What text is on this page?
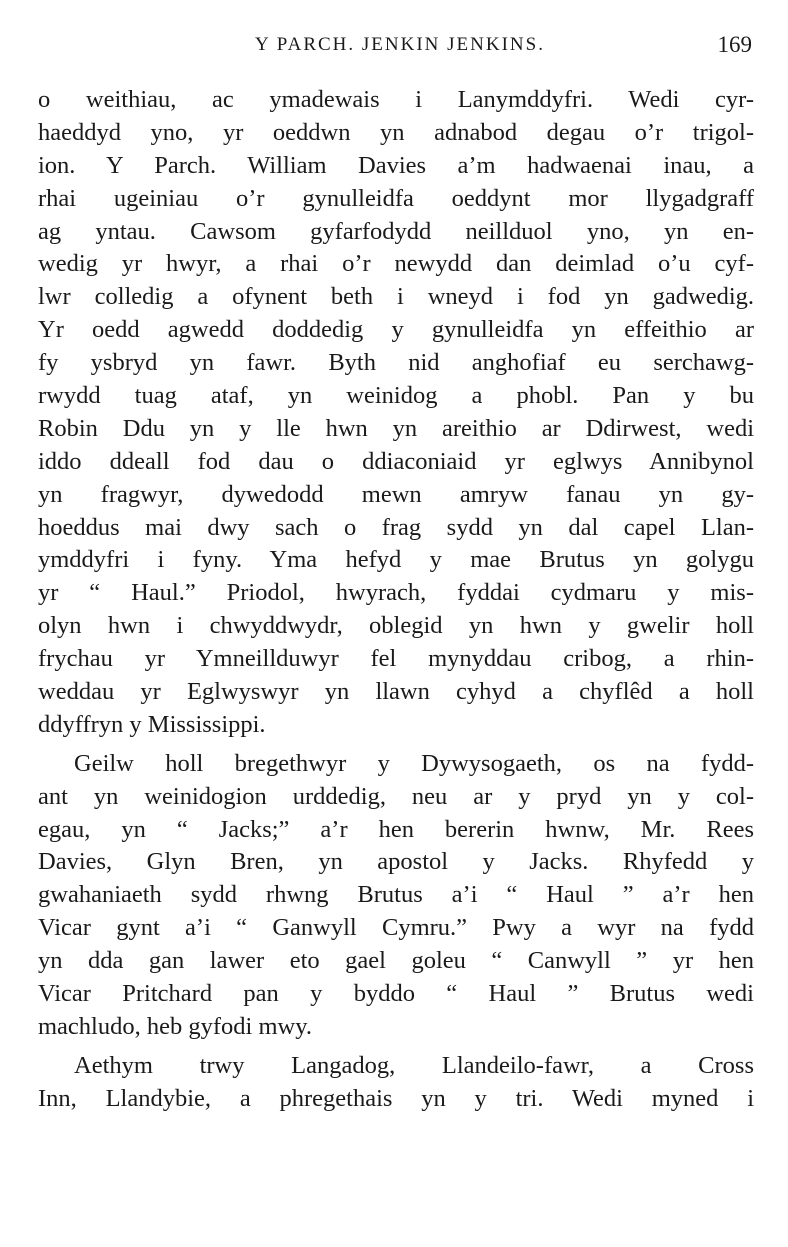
Y PARCH. JENKIN JENKINS.	169
o weithiau, ac ymadewais i Lanymddyfri. Wedi cyr-
haeddyd yno, yr oeddwn yn adnabod degau o’r trigol-
ion. Y Parch. William Davies a’m hadwaenai inau, a
rhai ugeiniau o’r gynulleidfa oeddynt mor llygadgraff
ag yntau. Cawsom gyfarfodydd neillduol yno, yn en-
wedig yr hwyr, a rhai o’r newydd dan deimlad o’u cyf-
lwr colledig a ofynent beth i wneyd i fod yn gadwedig.
Yr oedd agwedd doddedig y gynulleidfa yn effeithio ar
fy ysbryd yn fawr. Byth nid anghofiaf eu serchawg-
rwydd tuag ataf, yn weinidog a phobl. Pan y bu
Robin Ddu yn y lle hwn yn areithio ar Ddirwest, wedi
iddo ddeall fod dau o ddiaconiaid yr eglwys Annibynol
yn fragwyr, dywedodd mewn amryw fanau yn gy-
hoeddus mai dwy sach o frag sydd yn dal capel Llan-
ymddyfri i fyny. Yma hefyd y mae Brutus yn golygu
yr “ Haul.” Priodol, hwyrach, fyddai cydmaru y mis-
olyn hwn i chwyddwydr, oblegid yn hwn y gwelir holl
frychau yr Ymneillduwyr fel mynyddau cribog, a rhin-
weddau yr Eglwyswyr yn llawn cyhyd a chyflêd a holl
ddyffryn y Mississippi.
Geilw holl bregethwyr y Dywysogaeth, os na fydd-
ant yn weinidogion urddedig, neu ar y pryd yn y col-
egau, yn “ Jacks;” a’r hen bererin hwnw, Mr. Rees
Davies, Glyn Bren, yn apostol y Jacks. Rhyfedd y
gwahaniaeth sydd rhwng Brutus a’i “ Haul ” a’r hen
Vicar gynt a’i “ Ganwyll Cymru.” Pwy a wyr na fydd
yn dda gan lawer eto gael goleu “ Canwyll ” yr hen
Vicar Pritchard pan y byddo “ Haul ” Brutus wedi
machludo, heb gyfodi mwy.
Aethym trwy Langadog, Llandeilo-fawr, a Cross
Inn, Llandybie, a phregethais yn y tri. Wedi myned i
